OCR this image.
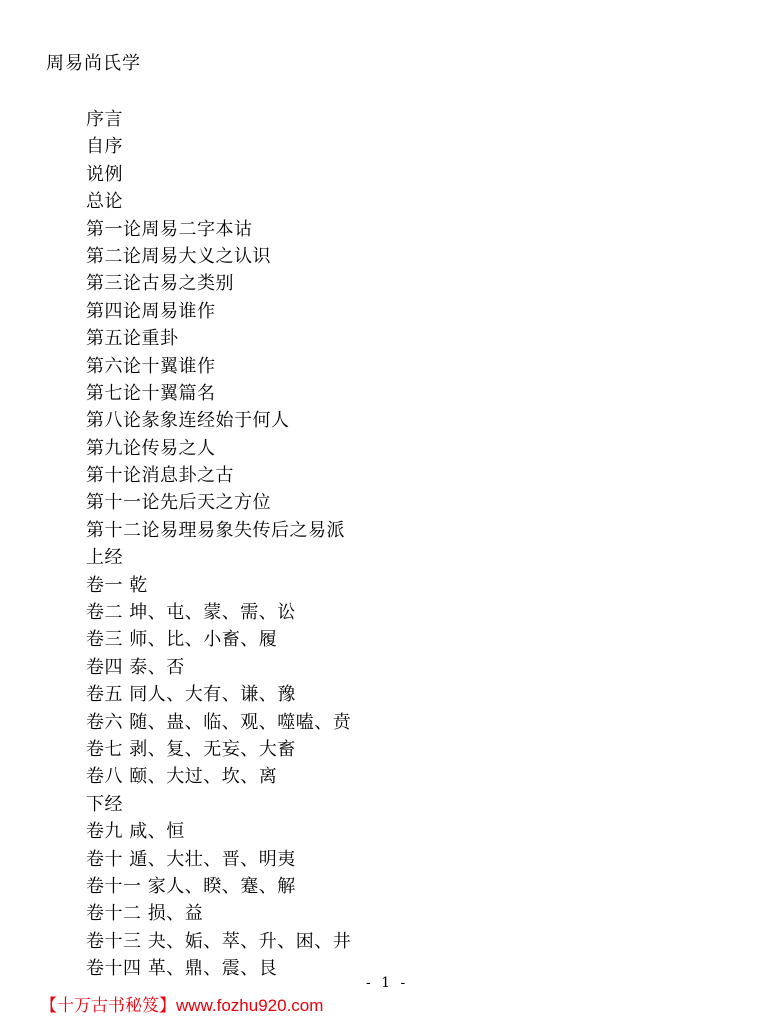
周易尚氏学
序言
自序
说例
总论
第一论周易二字本诂
第二论周易大义之认识
第三论古易之类别
第四论周易谁作
第五论重卦
第六论十翼谁作
第七论十翼篇名
第八论彖象连经始于何人
第九论传易之人
第十论消息卦之古
第十一论先后天之方位
第十二论易理易象失传后之易派
上经
卷一 乾
卷二 坤、屯、蒙、需、讼
卷三 师、比、小畜、履
卷四 泰、否
卷五 同人、大有、谦、豫
卷六 随、蛊、临、观、噬嗑、贲
卷七 剥、复、无妄、大畜
卷八 颐、大过、坎、离
下经
卷九 咸、恒
卷十 遁、大壮、晋、明夷
卷十一 家人、睽、蹇、解
卷十二 损、益
卷十三 夬、姤、萃、升、困、井
卷十四 革、鼎、震、艮
- 1 -
【十万古书秘笈】www.fozhu920.com
